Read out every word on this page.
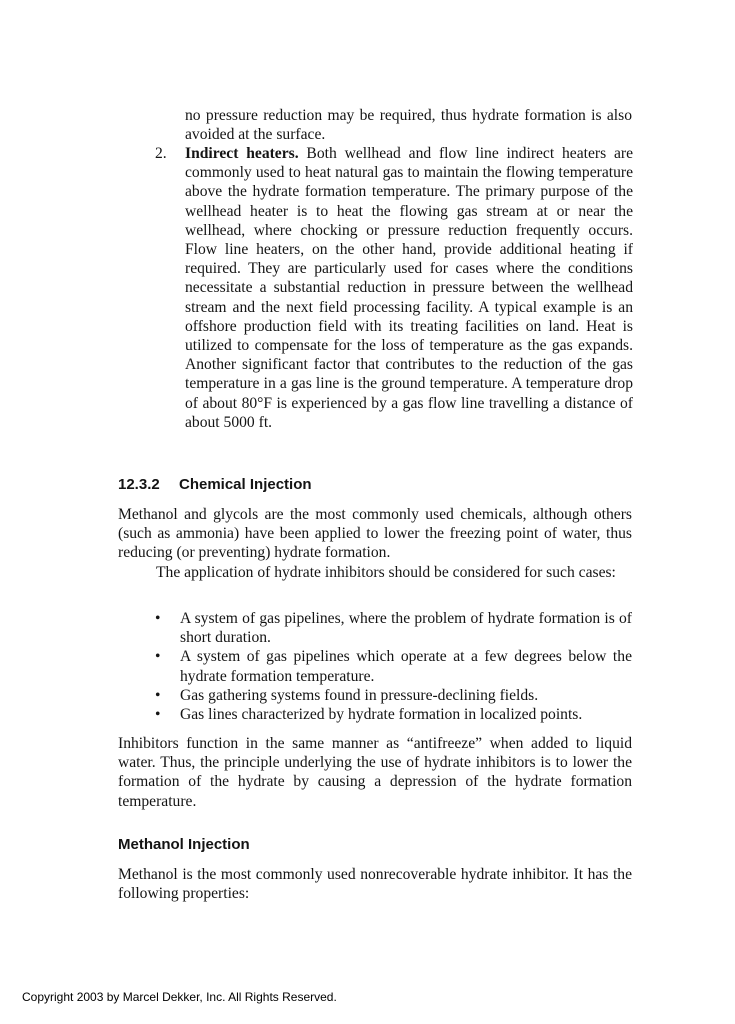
no pressure reduction may be required, thus hydrate formation is also avoided at the surface.

2.	Indirect heaters. Both wellhead and flow line indirect heaters are commonly used to heat natural gas to maintain the flowing temperature above the hydrate formation temperature. The primary purpose of the wellhead heater is to heat the flowing gas stream at or near the wellhead, where chocking or pressure reduction frequently occurs. Flow line heaters, on the other hand, provide additional heating if required. They are particularly used for cases where the conditions necessitate a substantial reduction in pressure between the wellhead stream and the next field processing facility. A typical example is an offshore production field with its treating facilities on land. Heat is utilized to compensate for the loss of temperature as the gas expands. Another significant factor that contributes to the reduction of the gas temperature in a gas line is the ground temperature. A temperature drop of about 80°F is experienced by a gas flow line travelling a distance of about 5000 ft.
12.3.2 Chemical Injection

Methanol and glycols are the most commonly used chemicals, although others (such as ammonia) have been applied to lower the freezing point of water, thus reducing (or preventing) hydrate formation.

The application of hydrate inhibitors should be considered for such cases:

•	A system of gas pipelines, where the problem of hydrate formation is of short duration.
•	A system of gas pipelines which operate at a few degrees below the hydrate formation temperature.
•	Gas gathering systems found in pressure-declining fields.
•	Gas lines characterized by hydrate formation in localized points.

Inhibitors function in the same manner as “antifreeze” when added to liquid water. Thus, the principle underlying the use of hydrate inhibitors is to lower the formation of the hydrate by causing a depression of the hydrate formation temperature.

Methanol Injection

Methanol is the most commonly used nonrecoverable hydrate inhibitor. It has the following properties:

Copyright 2003 by Marcel Dekker, Inc. All Rights Reserved.
